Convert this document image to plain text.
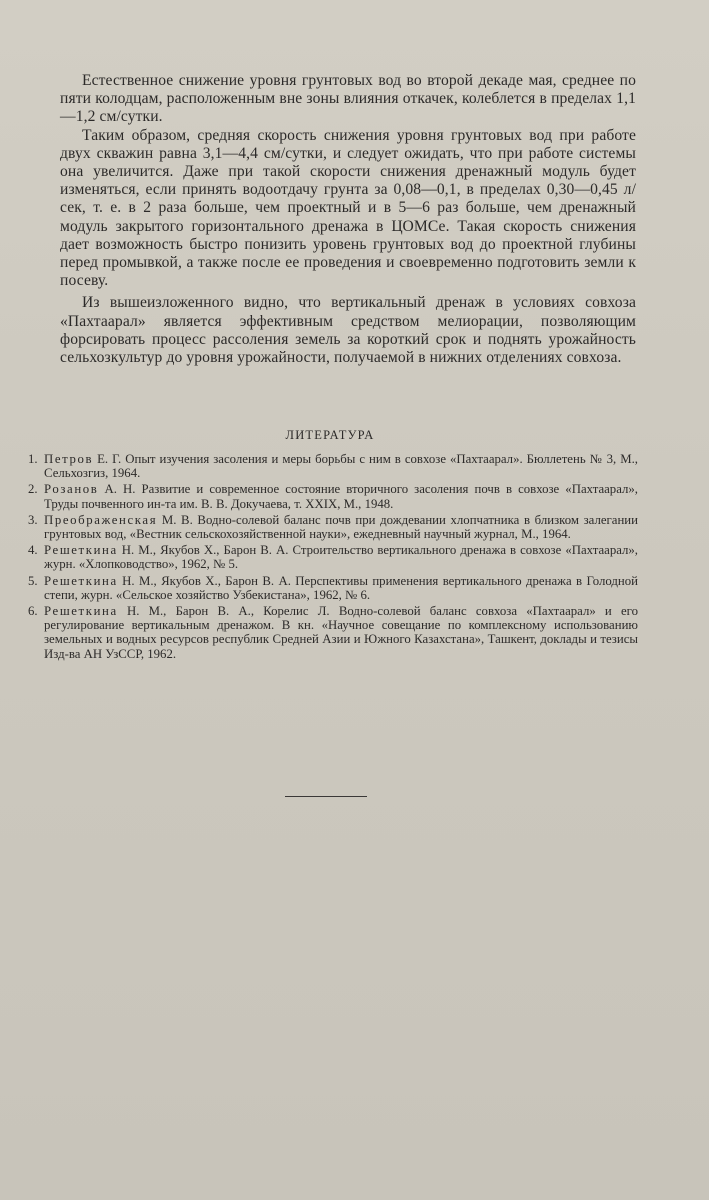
Естественное снижение уровня грунтовых вод во второй декаде мая, среднее по пяти колодцам, расположенным вне зоны влияния откачек, колеблется в пределах 1,1—1,2 см/сутки.

Таким образом, средняя скорость снижения уровня грунтовых вод при работе двух скважин равна 3,1—4,4 см/сутки, и следует ожидать, что при работе системы она увеличится. Даже при такой скорости снижения дренажный модуль будет изменяться, если принять водоотдачу грунта за 0,08—0,1, в пределах 0,30—0,45 л/сек, т. е. в 2 раза больше, чем проектный и в 5—6 раз больше, чем дренажный модуль закрытого горизонтального дренажа в ЦОМСе. Такая скорость снижения дает возможность быстро понизить уровень грунтовых вод до проектной глубины перед промывкой, а также после ее проведения и своевременно подготовить земли к посеву.

Из вышеизложенного видно, что вертикальный дренаж в условиях совхоза «Пахтаарал» является эффективным средством мелиорации, позволяющим форсировать процесс рассоления земель за короткий срок и поднять урожайность сельхозкультур до уровня урожайности, получаемой в нижних отделениях совхоза.

ЛИТЕРАТУРА
1. Петров Е. Г. Опыт изучения засоления и меры борьбы с ним в совхозе «Пахтаарал». Бюллетень № 3, М., Сельхозгиз, 1964.
2. Розанов А. Н. Развитие и современное состояние вторичного засоления почв в совхозе «Пахтаарал», Труды почвенного ин-та им. В. В. Докучаева, т. XXIX, М., 1948.
3. Преображенская М. В. Водно-солевой баланс почв при дождевании хлопчатника в близком залегании грунтовых вод, «Вестник сельскохозяйственной науки», ежедневный научный журнал, М., 1964.
4. Решеткина Н. М., Якубов Х., Барон В. А. Строительство вертикального дренажа в совхозе «Пахтаарал», журн. «Хлопководство», 1962, № 5.
5. Решеткина Н. М., Якубов Х., Барон В. А. Перспективы применения вертикального дренажа в Голодной степи, журн. «Сельское хозяйство Узбекистана», 1962, № 6.
6. Решеткина Н. М., Барон В. А., Корелис Л. Водно-солевой баланс совхоза «Пахтаарал» и его регулирование вертикальным дренажом. В кн. «Научное совещание по комплексному использованию земельных и водных ресурсов республик Средней Азии и Южного Казахстана», Ташкент, доклады и тезисы Изд-ва АН УзССР, 1962.
